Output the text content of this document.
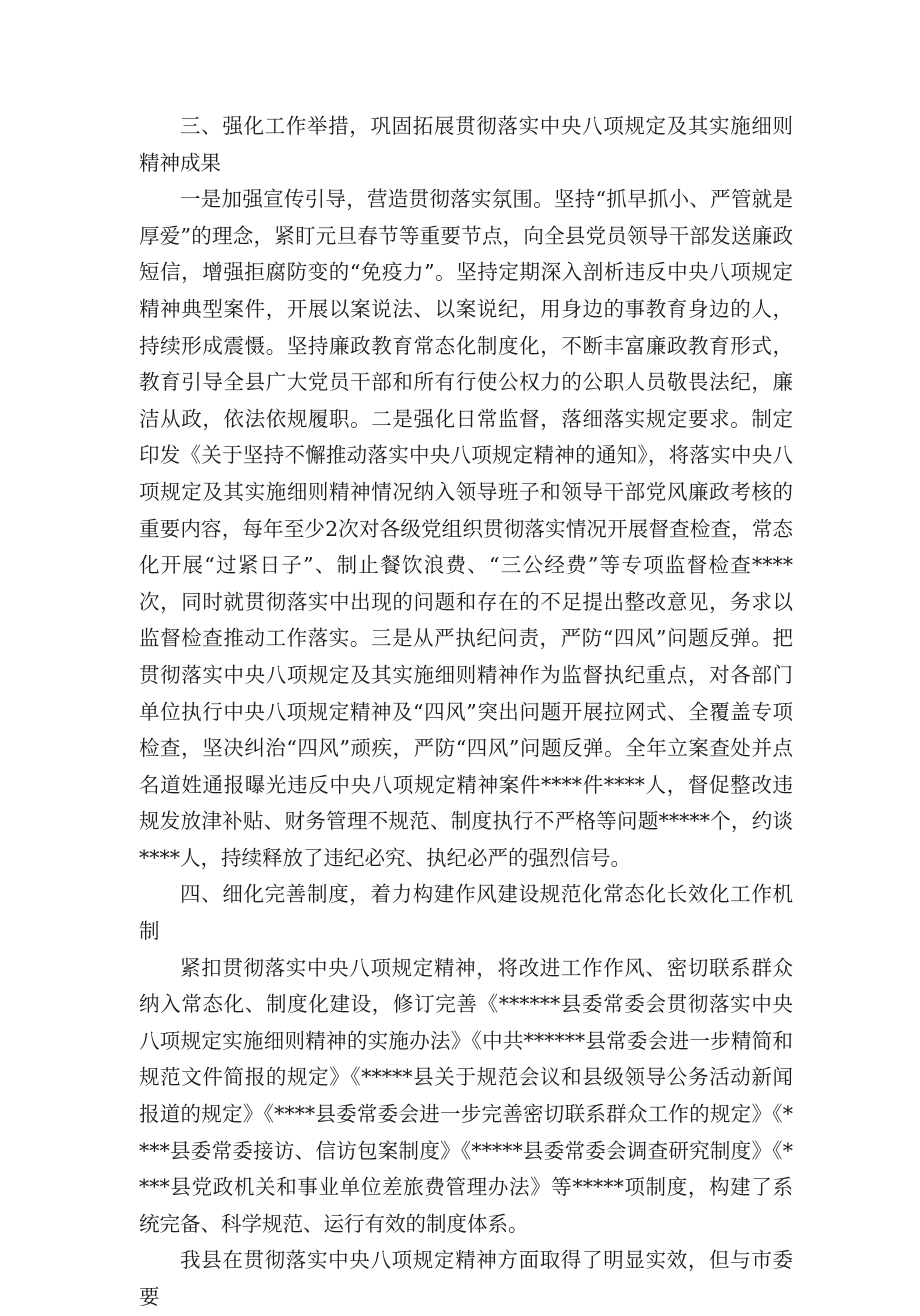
三、强化工作举措，巩固拓展贯彻落实中央八项规定及其实施细则精神成果

一是加强宣传引导，营造贯彻落实氛围。坚持“抓早抓小、严管就是厚爱”的理念，紧盯元旦春节等重要节点，向全县党员领导干部发送廉政短信，增强拒腐防变的“免疫力”。坚持定期深入剖析违反中央八项规定精神典型案件，开展以案说法、以案说纪，用身边的事教育身边的人，持续形成震慑。坚持廉政教育常态化制度化，不断丰富廉政教育形式，教育引导全县广大党员干部和所有行使公权力的公职人员敬畏法纪，廉洁从政，依法依规履职。二是强化日常监督，落细落实规定要求。制定印发《关于坚持不懈推动落实中央八项规定精神的通知》，将落实中央八项规定及其实施细则精神情况纳入领导班子和领导干部党风廉政考核的重要内容，每年至少2次对各级党组织贯彻落实情况开展督查检查，常态化开展“过紧日子”、制止餐饮浪费、“三公经费”等专项监督检查****次，同时就贯彻落实中出现的问题和存在的不足提出整改意见，务求以监督检查推动工作落实。三是从严执纪问责，严防“四风”问题反弹。把贯彻落实中央八项规定及其实施细则精神作为监督执纪重点，对各部门单位执行中央八项规定精神及“四风”突出问题开展拉网式、全覆盖专项检查，坚决纠治“四风”顽疾，严防“四风”问题反弹。全年立案查处并点名道姓通报曝光违反中央八项规定精神案件****件****人，督促整改违规发放津补贴、财务管理不规范、制度执行不严格等问题*****个，约谈****人，持续释放了违纪必究、执纪必严的强烈信号。

四、细化完善制度，着力构建作风建设规范化常态化长效化工作机制

紧扣贯彻落实中央八项规定精神，将改进工作作风、密切联系群众纳入常态化、制度化建设，修订完善《******县委常委会贯彻落实中央八项规定实施细则精神的实施办法》《中共******县常委会进一步精简和规范文件简报的规定》《*****县关于规范会议和县级领导公务活动新闻报道的规定》《****县委常委会进一步完善密切联系群众工作的规定》《****县委常委接访、信访包案制度》《*****县委常委会调查研究制度》《****县党政机关和事业单位差旅费管理办法》等*****项制度，构建了系统完备、科学规范、运行有效的制度体系。

我县在贯彻落实中央八项规定精神方面取得了明显实效，但与市委要
